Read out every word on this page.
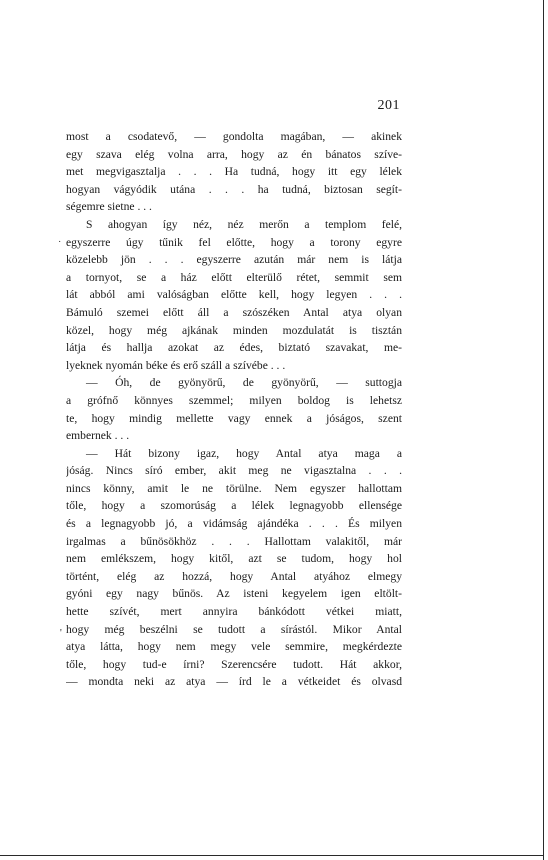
201
most a csodatevő, — gondolta magában, — akinek
egy szava elég volna arra, hogy az én bánatos szíve-
met megvigasztalja . . . Ha tudná, hogy itt egy lélek
hogyan vágyódik utána . . . ha tudná, biztosan segít-
ségemre sietne . . .
S ahogyan így néz, néz merőn a templom felé,
egyszerre úgy tűnik fel előtte, hogy a torony egyre
közelebb jön . . . egyszerre azután már nem is látja
a tornyot, se a ház előtt elterülő rétet, semmit sem
lát abból ami valóságban előtte kell, hogy legyen . . .
Bámuló szemei előtt áll a szószéken Antal atya olyan
közel, hogy még ajkának minden mozdulatát is tisztán
látja és hallja azokat az édes, biztató szavakat, me-
lyeknek nyomán béke és erő száll a szívébe . . .
— Óh, de gyönyörű, de gyönyörű, — suttogja
a grófnő könnyes szemmel; milyen boldog is lehetsz
te, hogy mindig mellette vagy ennek a jóságos, szent
embernek . . .
— Hát bizony igaz, hogy Antal atya maga a
jóság. Nincs síró ember, akit meg ne vigasztalna . . .
nincs könny, amit le ne törülne. Nem egyszer hallottam
tőle, hogy a szomorúság a lélek legnagyobb ellensége
és a legnagyobb jó, a vidámság ajándéka . . . És milyen
irgalmas a bűnösökhöz . . . Hallottam valakitől, már
nem emlékszem, hogy kitől, azt se tudom, hogy hol
történt, elég az hozzá, hogy Antal atyához elmegy
gyóni egy nagy bűnös. Az isteni kegyelem igen eltölt-
hette szívét, mert annyira bánkódott vétkei miatt,
hogy még beszélni se tudott a sírástól. Mikor Antal
atya látta, hogy nem megy vele semmire, megkérdezte
tőle, hogy tud-e írni? Szerencsére tudott. Hát akkor,
— mondta neki az atya — írd le a vétkeidet és olvasd
˙
'
